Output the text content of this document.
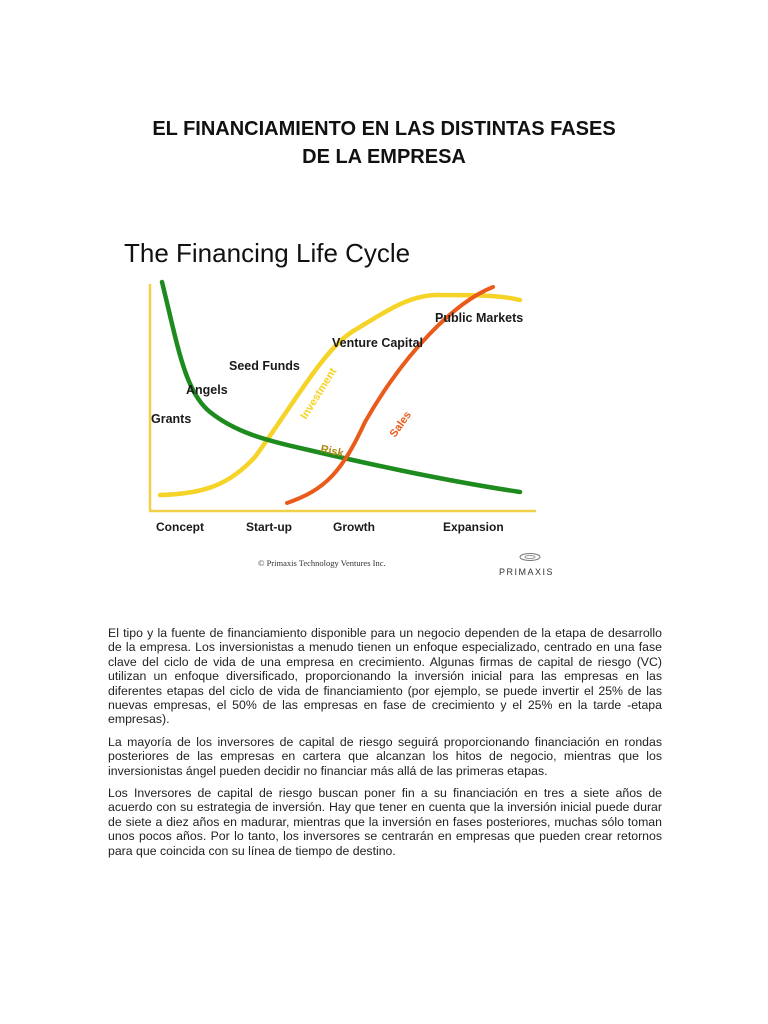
EL FINANCIAMIENTO EN LAS DISTINTAS FASES
DE LA EMPRESA
The Financing Life Cycle
Grants
Angels
Seed Funds
Venture Capital
Public Markets
Investment
Risk
Sales
Concept	Start-up	Growth	Expansion
© Primaxis Technology Ventures Inc.
PRIMAXIS

El tipo y la fuente de financiamiento disponible para un negocio dependen de la etapa de desarrollo de la empresa. Los inversionistas a menudo tienen un enfoque especializado, centrado en una fase clave del ciclo de vida de una empresa en crecimiento. Algunas firmas de capital de riesgo (VC) utilizan un enfoque diversificado, proporcionando la inversión inicial para las empresas en las diferentes etapas del ciclo de vida de financiamiento (por ejemplo, se puede invertir el 25% de las nuevas empresas, el 50% de las empresas en fase de crecimiento y el 25% en la tarde -etapa empresas).

La mayoría de los inversores de capital de riesgo seguirá proporcionando financiación en rondas posteriores de las empresas en cartera que alcanzan los hitos de negocio, mientras que los inversionistas ángel pueden decidir no financiar más allá de las primeras etapas.

Los Inversores de capital de riesgo buscan poner fin a su financiación en tres a siete años de acuerdo con su estrategia de inversión. Hay que tener en cuenta que la inversión inicial puede durar de siete a diez años en madurar, mientras que la inversión en fases posteriores, muchas sólo toman unos pocos años. Por lo tanto, los inversores se centrarán en empresas que pueden crear retornos para que coincida con su línea de tiempo de destino.
